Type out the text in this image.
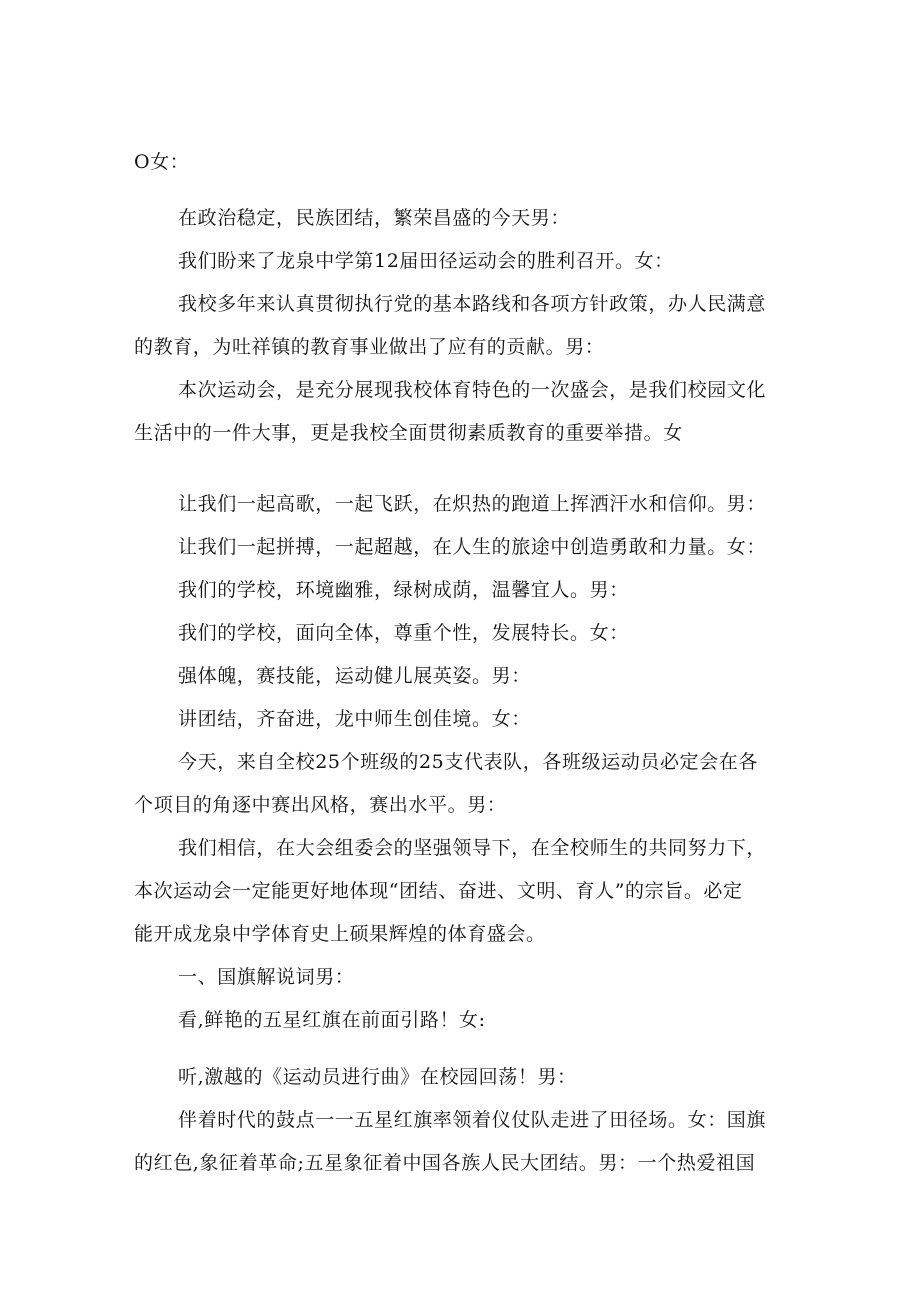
O女：

在政治稳定，民族团结，繁荣昌盛的今天男：

我们盼来了龙泉中学第12届田径运动会的胜利召开。女：

我校多年来认真贯彻执行党的基本路线和各项方针政策，办人民满意

的教育，为吐祥镇的教育事业做出了应有的贡献。男：

本次运动会，是充分展现我校体育特色的一次盛会，是我们校园文化

生活中的一件大事，更是我校全面贯彻素质教育的重要举措。女

让我们一起高歌，一起飞跃，在炽热的跑道上挥洒汗水和信仰。男：

让我们一起拼搏，一起超越，在人生的旅途中创造勇敢和力量。女：

我们的学校，环境幽雅，绿树成荫，温馨宜人。男：

我们的学校，面向全体，尊重个性，发展特长。女：

强体魄，赛技能，运动健儿展英姿。男：

讲团结，齐奋进，龙中师生创佳境。女：

今天，来自全校25个班级的25支代表队，各班级运动员必定会在各

个项目的角逐中赛出风格，赛出水平。男：

我们相信，在大会组委会的坚强领导下，在全校师生的共同努力下，

本次运动会一定能更好地体现“团结、奋进、文明、育人”的宗旨。必定

能开成龙泉中学体育史上硕果辉煌的体育盛会。

一、国旗解说词男：

看,鲜艳的五星红旗在前面引路！女:

听,激越的《运动员进行曲》在校园回荡！男：

伴着时代的鼓点一一五星红旗率领着仪仗队走进了田径场。女：国旗

的红色,象征着革命;五星象征着中国各族人民大团结。男：一个热爱祖国
